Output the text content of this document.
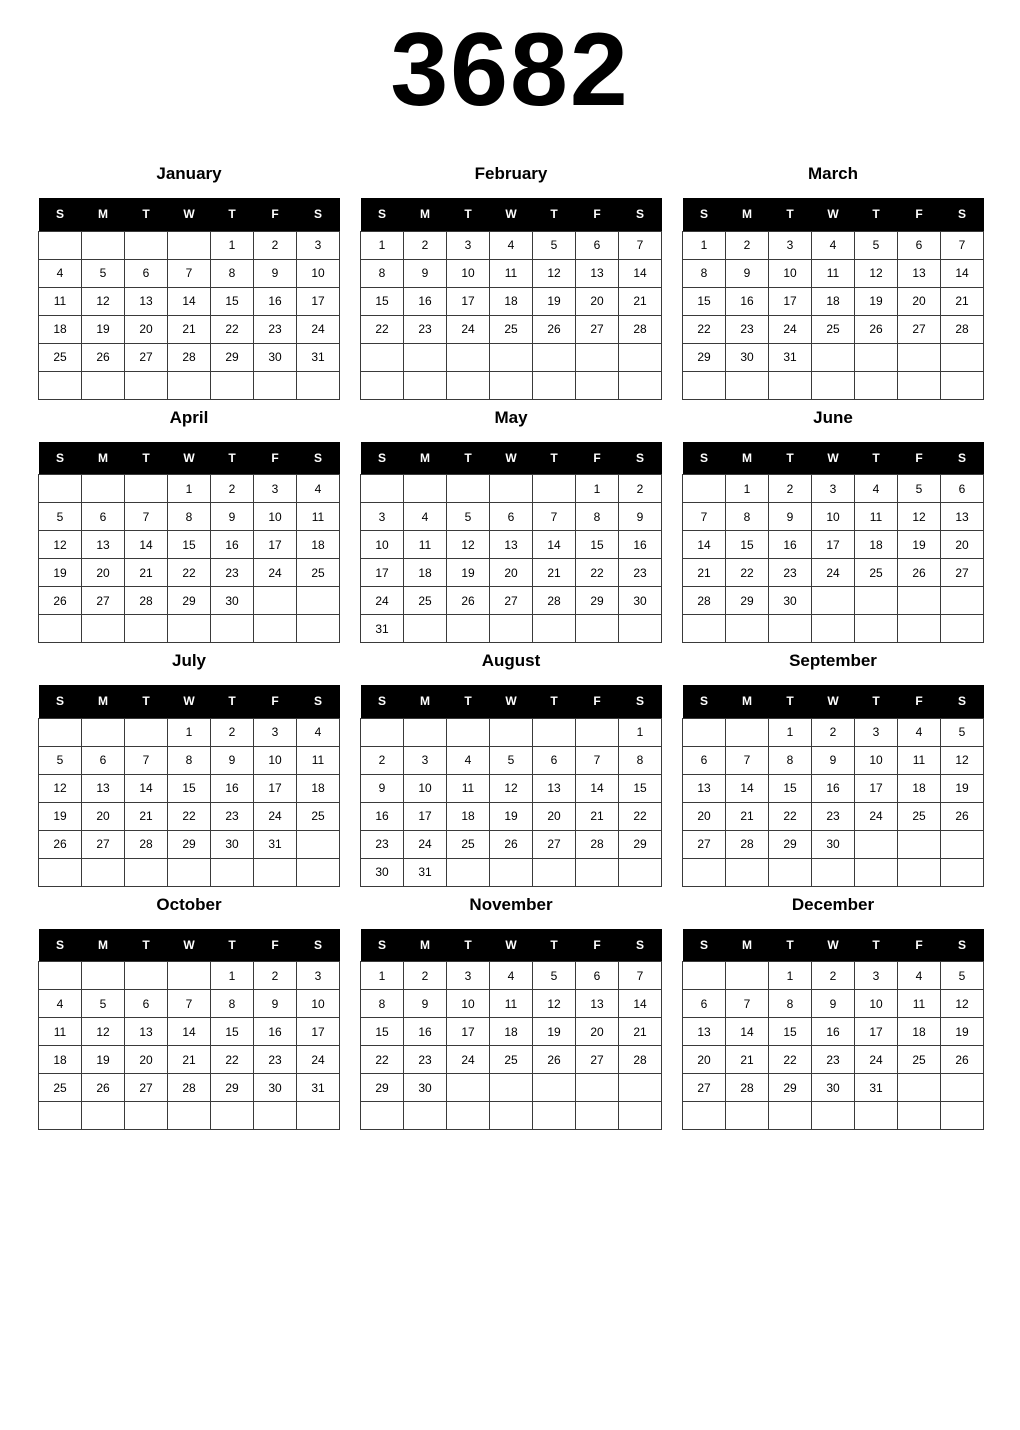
3682
January
S	M	T	W	T	F	S
				1	2	3
4	5	6	7	8	9	10
11	12	13	14	15	16	17
18	19	20	21	22	23	24
25	26	27	28	29	30	31

February
S	M	T	W	T	F	S
1	2	3	4	5	6	7
8	9	10	11	12	13	14
15	16	17	18	19	20	21
22	23	24	25	26	27	28

March
S	M	T	W	T	F	S
1	2	3	4	5	6	7
8	9	10	11	12	13	14
15	16	17	18	19	20	21
22	23	24	25	26	27	28
29	30	31				

April
S	M	T	W	T	F	S
			1	2	3	4
5	6	7	8	9	10	11
12	13	14	15	16	17	18
19	20	21	22	23	24	25
26	27	28	29	30		

May
S	M	T	W	T	F	S
					1	2
3	4	5	6	7	8	9
10	11	12	13	14	15	16
17	18	19	20	21	22	23
24	25	26	27	28	29	30
31						
June
S	M	T	W	T	F	S
	1	2	3	4	5	6
7	8	9	10	11	12	13
14	15	16	17	18	19	20
21	22	23	24	25	26	27
28	29	30				

July
S	M	T	W	T	F	S
			1	2	3	4
5	6	7	8	9	10	11
12	13	14	15	16	17	18
19	20	21	22	23	24	25
26	27	28	29	30	31	

August
S	M	T	W	T	F	S
						1
2	3	4	5	6	7	8
9	10	11	12	13	14	15
16	17	18	19	20	21	22
23	24	25	26	27	28	29
30	31					
September
S	M	T	W	T	F	S
		1	2	3	4	5
6	7	8	9	10	11	12
13	14	15	16	17	18	19
20	21	22	23	24	25	26
27	28	29	30			

October
S	M	T	W	T	F	S
				1	2	3
4	5	6	7	8	9	10
11	12	13	14	15	16	17
18	19	20	21	22	23	24
25	26	27	28	29	30	31

November
S	M	T	W	T	F	S
1	2	3	4	5	6	7
8	9	10	11	12	13	14
15	16	17	18	19	20	21
22	23	24	25	26	27	28
29	30					

December
S	M	T	W	T	F	S
		1	2	3	4	5
6	7	8	9	10	11	12
13	14	15	16	17	18	19
20	21	22	23	24	25	26
27	28	29	30	31		
